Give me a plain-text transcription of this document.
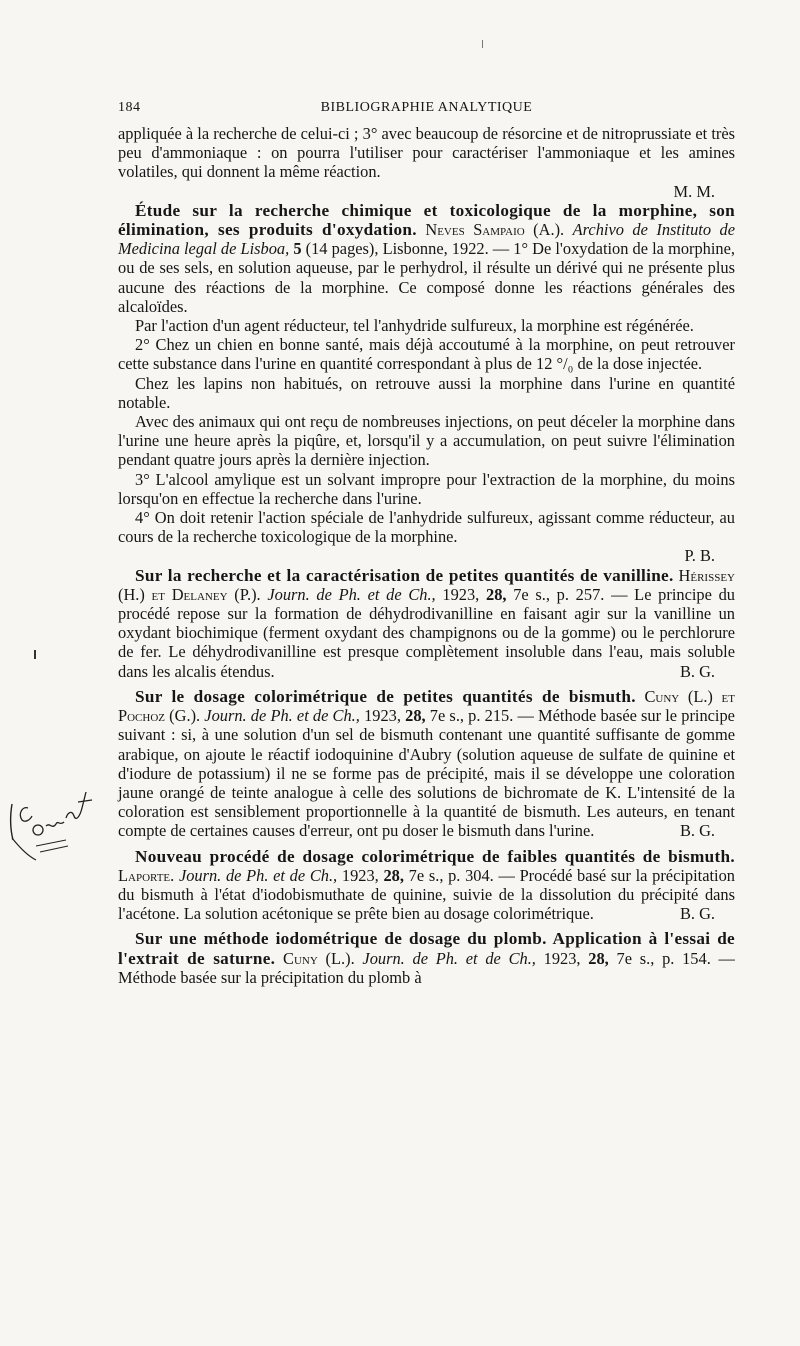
184	BIBLIOGRAPHIE ANALYTIQUE

appliquée à la recherche de celui-ci ; 3° avec beaucoup de résorcine et de nitroprussiate et très peu d'ammoniaque : on pourra l'utiliser pour caractériser l'ammoniaque et les amines volatiles, qui donnent la même réaction.

M. M.

Étude sur la recherche chimique et toxicologique de la morphine, son élimination, ses produits d'oxydation. Neves Sampaio (A.). Archivo de Instituto de Medicina legal de Lisboa, 5 (14 pages), Lisbonne, 1922. — 1° De l'oxydation de la morphine, ou de ses sels, en solution aqueuse, par le perhydrol, il résulte un dérivé qui ne présente plus aucune des réactions de la morphine. Ce composé donne les réactions générales des alcaloïdes.

Par l'action d'un agent réducteur, tel l'anhydride sulfureux, la morphine est régénérée.

2° Chez un chien en bonne santé, mais déjà accoutumé à la morphine, on peut retrouver cette substance dans l'urine en quantité correspondant à plus de 12 °/₀ de la dose injectée.

Chez les lapins non habitués, on retrouve aussi la morphine dans l'urine en quantité notable.

Avec des animaux qui ont reçu de nombreuses injections, on peut déceler la morphine dans l'urine une heure après la piqûre, et, lorsqu'il y a accumulation, on peut suivre l'élimination pendant quatre jours après la dernière injection.

3° L'alcool amylique est un solvant impropre pour l'extraction de la morphine, du moins lorsqu'on en effectue la recherche dans l'urine.

4° On doit retenir l'action spéciale de l'anhydride sulfureux, agissant comme réducteur, au cours de la recherche toxicologique de la morphine.

P. B.

Sur la recherche et la caractérisation de petites quantités de vanilline. Hérissey (H.) et Delaney (P.). Journ. de Ph. et de Ch., 1923, 28, 7e s., p. 257. — Le principe du procédé repose sur la formation de déhydrodivanilline en faisant agir sur la vanilline un oxydant biochimique (ferment oxydant des champignons ou de la gomme) ou le perchlorure de fer. Le déhydrodivanilline est presque complètement insoluble dans l'eau, mais soluble dans les alcalis étendus.	B. G.

Sur le dosage colorimétrique de petites quantités de bismuth. Cuny (L.) et Pochoz (G.). Journ. de Ph. et de Ch., 1923, 28, 7e s., p. 215. — Méthode basée sur le principe suivant : si, à une solution d'un sel de bismuth contenant une quantité suffisante de gomme arabique, on ajoute le réactif iodoquinine d'Aubry (solution aqueuse de sulfate de quinine et d'iodure de potassium) il ne se forme pas de précipité, mais il se développe une coloration jaune orangé de teinte analogue à celle des solutions de bichromate de K. L'intensité de la coloration est sensiblement proportionnelle à la quantité de bismuth. Les auteurs, en tenant compte de certaines causes d'erreur, ont pu doser le bismuth dans l'urine.	B. G.

Nouveau procédé de dosage colorimétrique de faibles quantités de bismuth. Laporte. Journ. de Ph. et de Ch., 1923, 28, 7e s., p. 304. — Procédé basé sur la précipitation du bismuth à l'état d'iodobismuthate de quinine, suivie de la dissolution du précipité dans l'acétone. La solution acétonique se prête bien au dosage colorimétrique.	B. G.

Sur une méthode iodométrique de dosage du plomb. Application à l'essai de l'extrait de saturne. Cuny (L.). Journ. de Ph. et de Ch., 1923, 28, 7e s., p. 154. — Méthode basée sur la précipitation du plomb à
